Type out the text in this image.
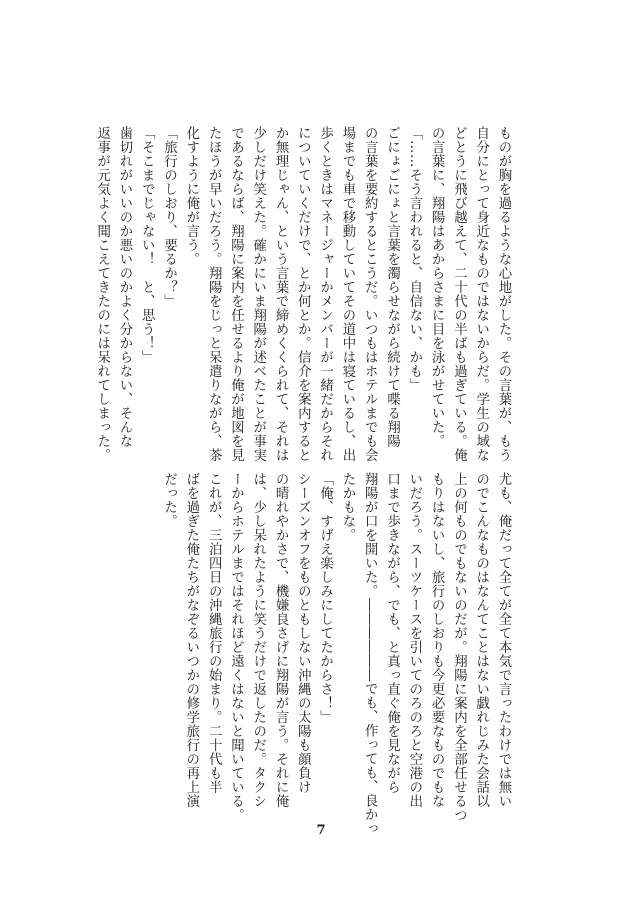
ものが胸を過るような心地がした。その言葉が、もう
自分にとって身近なものではないからだ。学生の域な
どとうに飛び越えて、二十代の半ばも過ぎている。俺
の言葉に、翔陽はあからさまに目を泳がせていた。
「……そう言われると、自信ない、かも」
ごにょごにょと言葉を濁らせながら続けて喋る翔陽
の言葉を要約するとこうだ。いつもはホテルまでも会
場までも車で移動していてその道中は寝ているし、出
歩くときはマネージャーかメンバーが一緒だからそれ
についていくだけで、とか何とか。信介を案内すると
か無理じゃん、という言葉で締めくくられて、それは
少しだけ笑えた。確かにいま翔陽が述べたことが事実
であるならば、翔陽に案内を任せるより俺が地図を見
たほうが早いだろう。翔陽をじっと呆遣りながら、茶
化すように俺が言う。
「旅行のしおり、要るか？」
「そこまでじゃない！　と、思う！」
歯切れがいいのか悪いのかよく分からない、そんな
返事が元気よく聞こえてきたのには呆れてしまった。
尤も、俺だって全てが全て本気で言ったわけでは無い
のでこんなものはなんてことはない戯れじみた会話以
上の何ものでもないのだが。翔陽に案内を全部任せるつ
もりはないし、旅行のしおりも今更必要なものでもな
いだろう。スーツケースを引いてのろのろと空港の出
口まで歩きながら、でも、と真っ直ぐ俺を見ながら
翔陽が口を開いた。――――――でも、作っても、良かっ
たかもな。
「俺、すげえ楽しみにしてたからさ！」
シーズンオフをものともしない沖縄の太陽も顔負け
の晴れやかさで、機嫌良さげに翔陽が言う。それに俺
は、少し呆れたように笑うだけで返したのだ。タクシ
ーからホテルまではそれほど遠くはないと聞いている。
これが、三泊四日の沖縄旅行の始まり。二十代も半
ばを過ぎた俺たちがなぞるいつかの修学旅行の再上演
だった。
7
